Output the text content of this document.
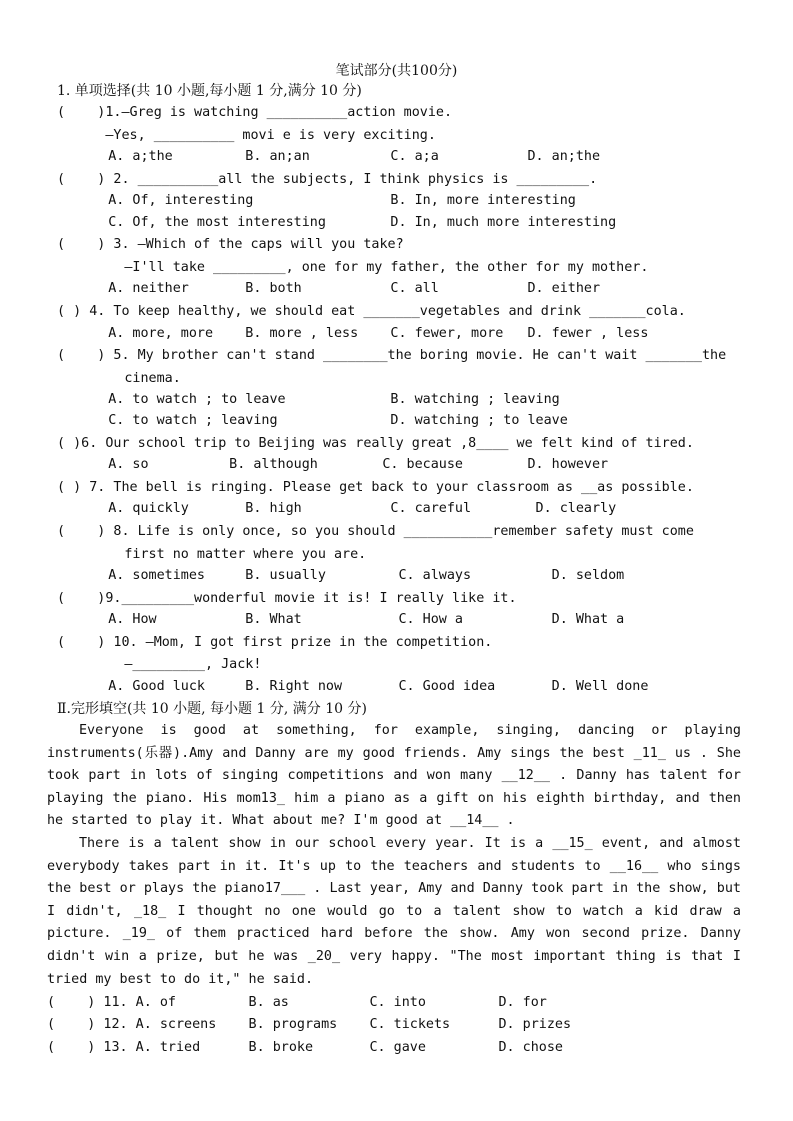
笔试部分(共100分)
1. 单项选择(共 10 小题,每小题 1 分,满分 10 分)
(    )1.—Greg is watching __________action movie.
—Yes, __________ movi e is very exciting.
A. a;the         B. an;an          C. a;a           D. an;the
(    ) 2. __________all the subjects, I think physics is _________.
A. Of, interesting                 B. In, more interesting
C. Of, the most interesting        D. In, much more interesting
(    ) 3. —Which of the caps will you take?
—I'll take _________, one for my father, the other for my mother.
A. neither       B. both           C. all           D. either
( ) 4. To keep healthy, we should eat _______vegetables and drink _______cola.
A. more, more    B. more , less    C. fewer, more   D. fewer , less
(    ) 5. My brother can't stand ________the boring movie. He can't wait _______the
cinema.
A. to watch ; to leave             B. watching ; leaving
C. to watch ; leaving              D. watching ; to leave
( )6. Our school trip to Beijing was really great ,8____ we felt kind of tired.
A. so          B. although        C. because        D. however
( ) 7. The bell is ringing. Please get back to your classroom as __as possible.
A. quickly       B. high           C. careful        D. clearly
(    ) 8. Life is only once, so you should ___________remember safety must come
first no matter where you are.
A. sometimes     B. usually         C. always          D. seldom
(    )9._________wonderful movie it is! I really like it.
A. How           B. What            C. How a           D. What a
(    ) 10. —Mom, I got first prize in the competition.
—_________, Jack!
A. Good luck     B. Right now       C. Good idea       D. Well done
Ⅱ.完形填空(共 10 小题, 每小题 1 分, 满分 10 分)

Everyone is good at something, for example, singing, dancing or playing instruments(乐器).Amy and Danny are my good friends. Amy sings the best _11_ us . She took part in lots of singing competitions and won many __12__ . Danny has talent for playing the piano. His mom13_ him a piano as a gift on his eighth birthday, and then he started to play it. What about me? I'm good at __14__ .

There is a talent show in our school every year. It is a __15_ event, and almost everybody takes part in it. It's up to the teachers and students to __16__ who sings the best or plays the piano17___ . Last year, Amy and Danny took part in the show, but I didn't, _18_ I thought no one would go to a talent show to watch a kid draw a picture. _19_ of them practiced hard before the show. Amy won second prize. Danny didn't win a prize, but he was _20_ very happy. "The most important thing is that I tried my best to do it," he said.

(    ) 11. A. of         B. as          C. into         D. for
(    ) 12. A. screens    B. programs    C. tickets      D. prizes
(    ) 13. A. tried      B. broke       C. gave         D. chose
